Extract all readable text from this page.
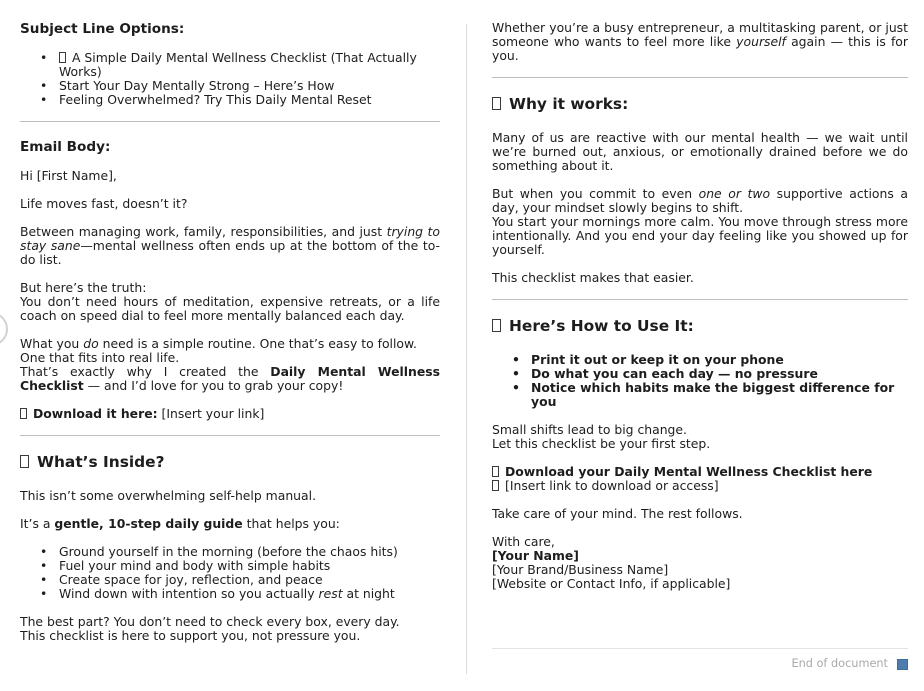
Subject Line Options:
• A Simple Daily Mental Wellness Checklist (That Actually Works)
• Start Your Day Mentally Strong – Here’s How
• Feeling Overwhelmed? Try This Daily Mental Reset
Email Body:

Hi [First Name],

Life moves fast, doesn’t it?

Between managing work, family, responsibilities, and just trying to stay sane—mental wellness often ends up at the bottom of the to-do list.

But here’s the truth:
You don’t need hours of meditation, expensive retreats, or a life coach on speed dial to feel more mentally balanced each day.

What you do need is a simple routine. One that’s easy to follow.
One that fits into real life.
That’s exactly why I created the Daily Mental Wellness Checklist — and I’d love for you to grab your copy!

Download it here: [Insert your link]

What’s Inside?

This isn’t some overwhelming self-help manual.

It’s a gentle, 10-step daily guide that helps you:

• Ground yourself in the morning (before the chaos hits)
• Fuel your mind and body with simple habits
• Create space for joy, reflection, and peace
• Wind down with intention so you actually rest at night

The best part? You don’t need to check every box, every day.
This checklist is here to support you, not pressure you.

Whether you’re a busy entrepreneur, a multitasking parent, or just someone who wants to feel more like yourself again — this is for you.

Why it works:

Many of us are reactive with our mental health — we wait until we’re burned out, anxious, or emotionally drained before we do something about it.

But when you commit to even one or two supportive actions a day, your mindset slowly begins to shift.
You start your mornings more calm. You move through stress more intentionally. And you end your day feeling like you showed up for yourself.

This checklist makes that easier.

Here’s How to Use It:
• Print it out or keep it on your phone
• Do what you can each day — no pressure
• Notice which habits make the biggest difference for you

Small shifts lead to big change.
Let this checklist be your first step.

Download your Daily Mental Wellness Checklist here
[Insert link to download or access]

Take care of your mind. The rest follows.

With care,
[Your Name]
[Your Brand/Business Name]
[Website or Contact Info, if applicable]

End of document
